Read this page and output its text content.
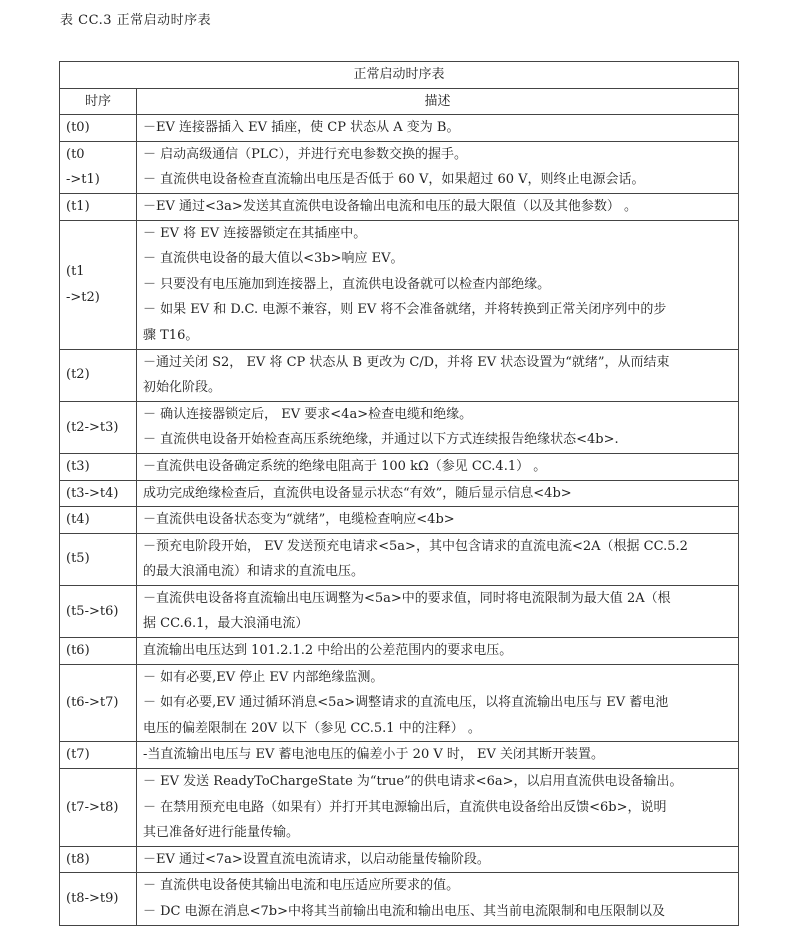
表 CC.3 正常启动时序表
正常启动时序表	
时序	描述

(t0)	－EV 连接器插入 EV 插座，使 CP 状态从 A 变为 B。

(t0
->t1)	－ 启动高级通信（PLC），并进行充电参数交换的握手。
－ 直流供电设备检查直流输出电压是否低于 60 V，如果超过 60 V，则终止电源会话。

(t1)	－EV 通过<3a>发送其直流供电设备输出电流和电压的最大限值（以及其他参数） 。

(t1
->t2)	－ EV 将 EV 连接器锁定在其插座中。
－ 直流供电设备的最大值以<3b>响应 EV。
－ 只要没有电压施加到连接器上，直流供电设备就可以检查内部绝缘。
－ 如果 EV 和 D.C. 电源不兼容，则 EV 将不会准备就绪，并将转换到正常关闭序列中的步
骤 T16。

(t2)	－通过关闭 S2， EV 将 CP 状态从 B 更改为 C/D，并将 EV 状态设置为“就绪”，从而结束
初始化阶段。

(t2->t3)	－ 确认连接器锁定后， EV 要求<4a>检查电缆和绝缘。
－ 直流供电设备开始检查高压系统绝缘，并通过以下方式连续报告绝缘状态<4b>.

(t3)	－直流供电设备确定系统的绝缘电阻高于 100 kΩ（参见 CC.4.1） 。

(t3->t4)	成功完成绝缘检查后，直流供电设备显示状态“有效”，随后显示信息<4b>

(t4)	－直流供电设备状态变为“就绪”，电缆检查响应<4b>

(t5)	－预充电阶段开始， EV 发送预充电请求<5a>，其中包含请求的直流电流<2A（根据 CC.5.2
的最大浪涌电流）和请求的直流电压。

(t5->t6)	－直流供电设备将直流输出电压调整为<5a>中的要求值，同时将电流限制为最大值 2A（根
据 CC.6.1，最大浪涌电流）

(t6)	直流输出电压达到 101.2.1.2 中给出的公差范围内的要求电压。

(t6->t7)	－ 如有必要,EV 停止 EV 内部绝缘监测。
－ 如有必要,EV 通过循环消息<5a>调整请求的直流电压，以将直流输出电压与 EV 蓄电池
电压的偏差限制在 20V 以下（参见 CC.5.1 中的注释） 。

(t7)	-当直流输出电压与 EV 蓄电池电压的偏差小于 20 V 时， EV 关闭其断开装置。

(t7->t8)	－ EV 发送 ReadyToChargeState 为“true”的供电请求<6a>，以启用直流供电设备输出。
－ 在禁用预充电电路（如果有）并打开其电源输出后，直流供电设备给出反馈<6b>，说明
其已准备好进行能量传输。

(t8)	－EV 通过<7a>设置直流电流请求，以启动能量传输阶段。

(t8->t9)	－ 直流供电设备使其输出电流和电压适应所要求的值。
－ DC 电源在消息<7b>中将其当前输出电流和输出电压、其当前电流限制和电压限制以及
